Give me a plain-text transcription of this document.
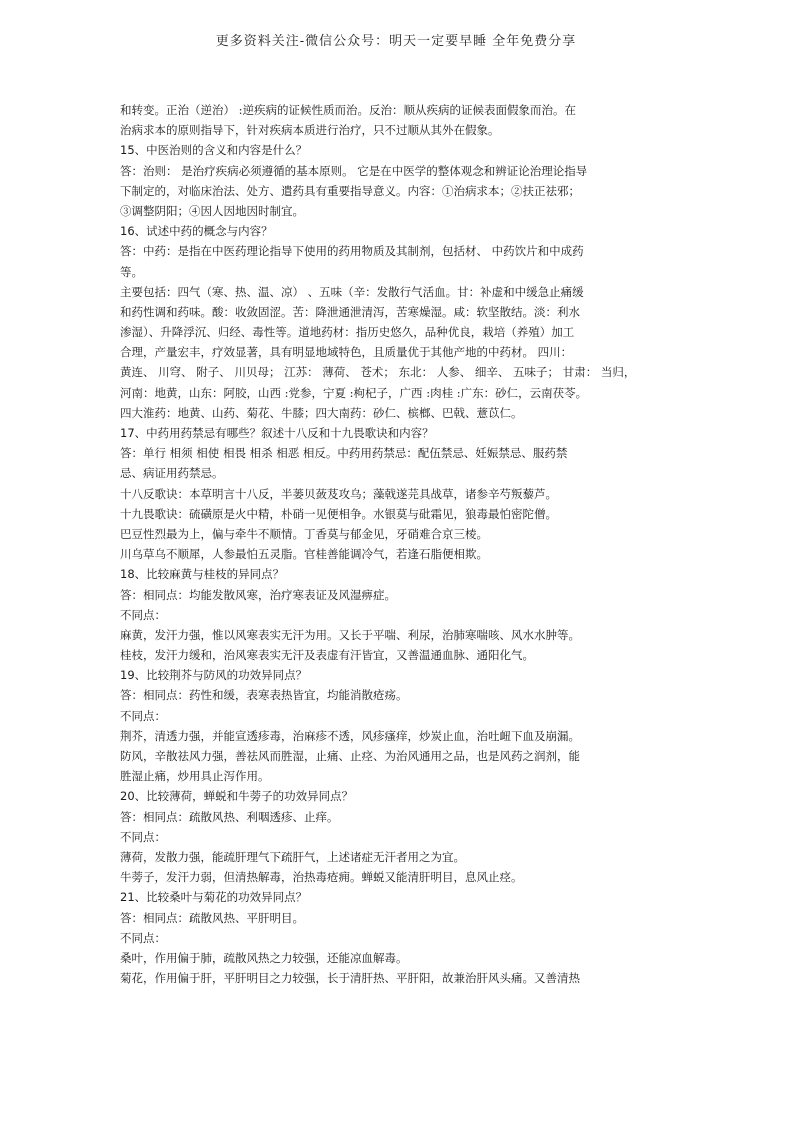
更多资料关注-微信公众号：明天一定要早睡 全年免费分享
和转变。正治（逆治） :逆疾病的证候性质而治。反治：顺从疾病的证候表面假象而治。在
治病求本的原则指导下，针对疾病本质进行治疗，只不过顺从其外在假象。
15、中医治则的含义和内容是什么？
答：治则： 是治疗疾病必须遵循的基本原则。 它是在中医学的整体观念和辨证论治理论指导
下制定的，对临床治法、处方、遣药具有重要指导意义。内容：①治病求本；②扶正祛邪；
③调整阴阳；④因人因地因时制宜。
16、试述中药的概念与内容？
答：中药：是指在中医药理论指导下使用的药用物质及其制剂，包括材、 中药饮片和中成药
等。
主要包括：四气（寒、热、温、凉） 、五味（辛：发散行气活血。甘：补虚和中缓急止痛缓
和药性调和药味。酸：收敛固涩。苦：降泄通泄清泻，苦寒燥湿。咸：软坚散结。淡：利水
渗湿）、升降浮沉、归经、毒性等。道地药材：指历史悠久，品种优良，栽培（养殖）加工
合理，产量宏丰，疗效显著，具有明显地域特色，且质量优于其他产地的中药材。 四川：
黄连、 川穹、 附子、 川贝母； 江苏： 薄荷、 苍术； 东北： 人参、 细辛、 五味子； 甘肃： 当归，
河南：地黄，山东：阿胶，山西 :党参，宁夏 :枸杞子，广西 :肉桂 :广东：砂仁，云南茯苓。
四大淮药：地黄、山药、菊花、牛膝；四大南药：砂仁、槟榔、巴戟、薏苡仁。
17、中药用药禁忌有哪些？叙述十八反和十九畏歌诀和内容？
答：单行 相须 相使 相畏 相杀 相恶 相反。中药用药禁忌：配伍禁忌、妊娠禁忌、服药禁
忌、病证用药禁忌。
十八反歌诀：本草明言十八反，半蒌贝蔹芨攻乌；藻戟遂芫具战草，诸参辛芍叛藜芦。
十九畏歌诀：硫磺原是火中精，朴硝一见便相争。水银莫与砒霜见，狼毒最怕密陀僧。
巴豆性烈最为上，偏与牵牛不顺情。丁香莫与郁金见，牙硝难合京三棱。
川乌草乌不顺犀，人参最怕五灵脂。官桂善能调冷气，若逢石脂便相欺。
18、比较麻黄与桂枝的异同点？
答：相同点：均能发散风寒，治疗寒表证及风湿痹症。
不同点：
麻黄，发汗力强，惟以风寒表实无汗为用。又长于平喘、利尿，治肺寒喘咳、风水水肿等。
桂枝，发汗力缓和，治风寒表实无汗及表虚有汗皆宜，又善温通血脉、通阳化气。
19、比较荆芥与防风的功效异同点？
答：相同点：药性和缓，表寒表热皆宜，均能消散疮疡。
不同点：
荆芥，清透力强，并能宣透疹毒，治麻疹不透，风疹瘙痒，炒炭止血，治吐衄下血及崩漏。
防风，辛散祛风力强，善祛风而胜湿，止痛、止痉、为治风通用之品，也是风药之润剂，能
胜湿止痛，炒用具止泻作用。
20、比较薄荷，蝉蜕和牛蒡子的功效异同点？
答：相同点：疏散风热、利咽透疹、止痒。
不同点：
薄荷，发散力强，能疏肝理气下疏肝气，上述诸症无汗者用之为宜。
牛蒡子，发汗力弱，但清热解毒，治热毒疮痈。蝉蜕又能清肝明目，息风止痉。
21、比较桑叶与菊花的功效异同点？
答：相同点：疏散风热、平肝明目。
不同点：
桑叶，作用偏于肺，疏散风热之力较强，还能凉血解毒。
菊花，作用偏于肝，平肝明目之力较强，长于清肝热、平肝阳，故兼治肝风头痛。又善清热
